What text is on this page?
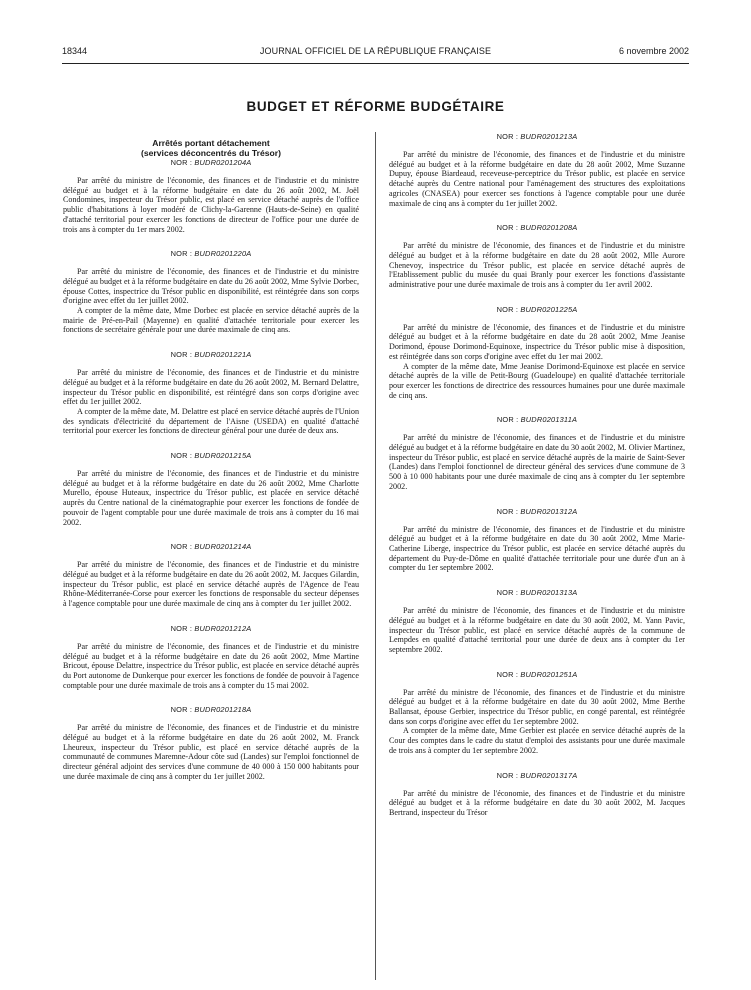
18344	JOURNAL OFFICIEL DE LA RÉPUBLIQUE FRANÇAISE	6 novembre 2002
BUDGET ET RÉFORME BUDGÉTAIRE

Arrêtés portant détachement

(services déconcentrés du Trésor)

NOR : BUDR0201204A

Par arrêté du ministre de l'économie, des finances et de l'industrie et du ministre délégué au budget et à la réforme budgétaire en date du 26 août 2002, M. Joël Condomines, inspecteur du Trésor public, est placé en service détaché auprès de l'office public d'habitations à loyer modéré de Clichy-la-Garenne (Hauts-de-Seine) en qualité d'attaché territorial pour exercer les fonctions de directeur de l'office pour une durée de trois ans à compter du 1er mars 2002.

NOR : BUDR0201220A

Par arrêté du ministre de l'économie, des finances et de l'industrie et du ministre délégué au budget et à la réforme budgétaire en date du 26 août 2002, Mme Sylvie Dorbec, épouse Cottes, inspectrice du Trésor public en disponibilité, est réintégrée dans son corps d'origine avec effet du 1er juillet 2002.

A compter de la même date, Mme Dorbec est placée en service détaché auprès de la mairie de Pré-en-Pail (Mayenne) en qualité d'attachée territoriale pour exercer les fonctions de secrétaire générale pour une durée maximale de cinq ans.

NOR : BUDR0201221A

Par arrêté du ministre de l'économie, des finances et de l'industrie et du ministre délégué au budget et à la réforme budgétaire en date du 26 août 2002, M. Bernard Delattre, inspecteur du Trésor public en disponibilité, est réintégré dans son corps d'origine avec effet du 1er juillet 2002.

A compter de la même date, M. Delattre est placé en service détaché auprès de l'Union des syndicats d'électricité du département de l'Aisne (USEDA) en qualité d'attaché territorial pour exercer les fonctions de directeur général pour une durée de deux ans.

NOR : BUDR0201215A

Par arrêté du ministre de l'économie, des finances et de l'industrie et du ministre délégué au budget et à la réforme budgétaire en date du 26 août 2002, Mme Charlotte Murello, épouse Huteaux, inspectrice du Trésor public, est placée en service détaché auprès du Centre national de la cinématographie pour exercer les fonctions de fondée de pouvoir de l'agent comptable pour une durée maximale de trois ans à compter du 16 mai 2002.

NOR : BUDR0201214A

Par arrêté du ministre de l'économie, des finances et de l'industrie et du ministre délégué au budget et à la réforme budgétaire en date du 26 août 2002, M. Jacques Gilardin, inspecteur du Trésor public, est placé en service détaché auprès de l'Agence de l'eau Rhône-Méditerranée-Corse pour exercer les fonctions de responsable du secteur dépenses à l'agence comptable pour une durée maximale de cinq ans à compter du 1er juillet 2002.

NOR : BUDR0201212A

Par arrêté du ministre de l'économie, des finances et de l'industrie et du ministre délégué au budget et à la réforme budgétaire en date du 26 août 2002, Mme Martine Bricout, épouse Delattre, inspectrice du Trésor public, est placée en service détaché auprès du Port autonome de Dunkerque pour exercer les fonctions de fondée de pouvoir à l'agence comptable pour une durée maximale de trois ans à compter du 15 mai 2002.

NOR : BUDR0201218A

Par arrêté du ministre de l'économie, des finances et de l'industrie et du ministre délégué au budget et à la réforme budgétaire en date du 26 août 2002, M. Franck Lheureux, inspecteur du Trésor public, est placé en service détaché auprès de la communauté de communes Maremne-Adour côte sud (Landes) sur l'emploi fonctionnel de directeur général adjoint des services d'une commune de 40 000 à 150 000 habitants pour une durée maximale de cinq ans à compter du 1er juillet 2002.

NOR : BUDR0201213A

Par arrêté du ministre de l'économie, des finances et de l'industrie et du ministre délégué au budget et à la réforme budgétaire en date du 28 août 2002, Mme Suzanne Dupuy, épouse Biardeaud, receveuse-perceptrice du Trésor public, est placée en service détaché auprès du Centre national pour l'aménagement des structures des exploitations agricoles (CNASEA) pour exercer ses fonctions à l'agence comptable pour une durée maximale de cinq ans à compter du 1er juillet 2002.

NOR : BUDR0201208A

Par arrêté du ministre de l'économie, des finances et de l'industrie et du ministre délégué au budget et à la réforme budgétaire en date du 28 août 2002, Mlle Aurore Chenevoy, inspectrice du Trésor public, est placée en service détaché auprès de l'Etablissement public du musée du quai Branly pour exercer les fonctions d'assistante administrative pour une durée maximale de trois ans à compter du 1er avril 2002.

NOR : BUDR0201225A

Par arrêté du ministre de l'économie, des finances et de l'industrie et du ministre délégué au budget et à la réforme budgétaire en date du 28 août 2002, Mme Jeanise Dorimond, épouse Dorimond-Equinoxe, inspectrice du Trésor public mise à disposition, est réintégrée dans son corps d'origine avec effet du 1er mai 2002.

A compter de la même date, Mme Jeanise Dorimond-Equinoxe est placée en service détaché auprès de la ville de Petit-Bourg (Guadeloupe) en qualité d'attachée territoriale pour exercer les fonctions de directrice des ressources humaines pour une durée maximale de cinq ans.

NOR : BUDR0201311A

Par arrêté du ministre de l'économie, des finances et de l'industrie et du ministre délégué au budget et à la réforme budgétaire en date du 30 août 2002, M. Olivier Martinez, inspecteur du Trésor public, est placé en service détaché auprès de la mairie de Saint-Sever (Landes) dans l'emploi fonctionnel de directeur général des services d'une commune de 3 500 à 10 000 habitants pour une durée maximale de cinq ans à compter du 1er septembre 2002.

NOR : BUDR0201312A

Par arrêté du ministre de l'économie, des finances et de l'industrie et du ministre délégué au budget et à la réforme budgétaire en date du 30 août 2002, Mme Marie-Catherine Liberge, inspectrice du Trésor public, est placée en service détaché auprès du département du Puy-de-Dôme en qualité d'attachée territoriale pour une durée d'un an à compter du 1er septembre 2002.

NOR : BUDR0201313A

Par arrêté du ministre de l'économie, des finances et de l'industrie et du ministre délégué au budget et à la réforme budgétaire en date du 30 août 2002, M. Yann Pavic, inspecteur du Trésor public, est placé en service détaché auprès de la commune de Lempdes en qualité d'attaché territorial pour une durée de deux ans à compter du 1er septembre 2002.

NOR : BUDR0201251A

Par arrêté du ministre de l'économie, des finances et de l'industrie et du ministre délégué au budget et à la réforme budgétaire en date du 30 août 2002, Mme Berthe Ballansat, épouse Gerbier, inspectrice du Trésor public, en congé parental, est réintégrée dans son corps d'origine avec effet du 1er septembre 2002.

A compter de la même date, Mme Gerbier est placée en service détaché auprès de la Cour des comptes dans le cadre du statut d'emploi des assistants pour une durée maximale de trois ans à compter du 1er septembre 2002.

NOR : BUDR0201317A

Par arrêté du ministre de l'économie, des finances et de l'industrie et du ministre délégué au budget et à la réforme budgétaire en date du 30 août 2002, M. Jacques Bertrand, inspecteur du Trésor
